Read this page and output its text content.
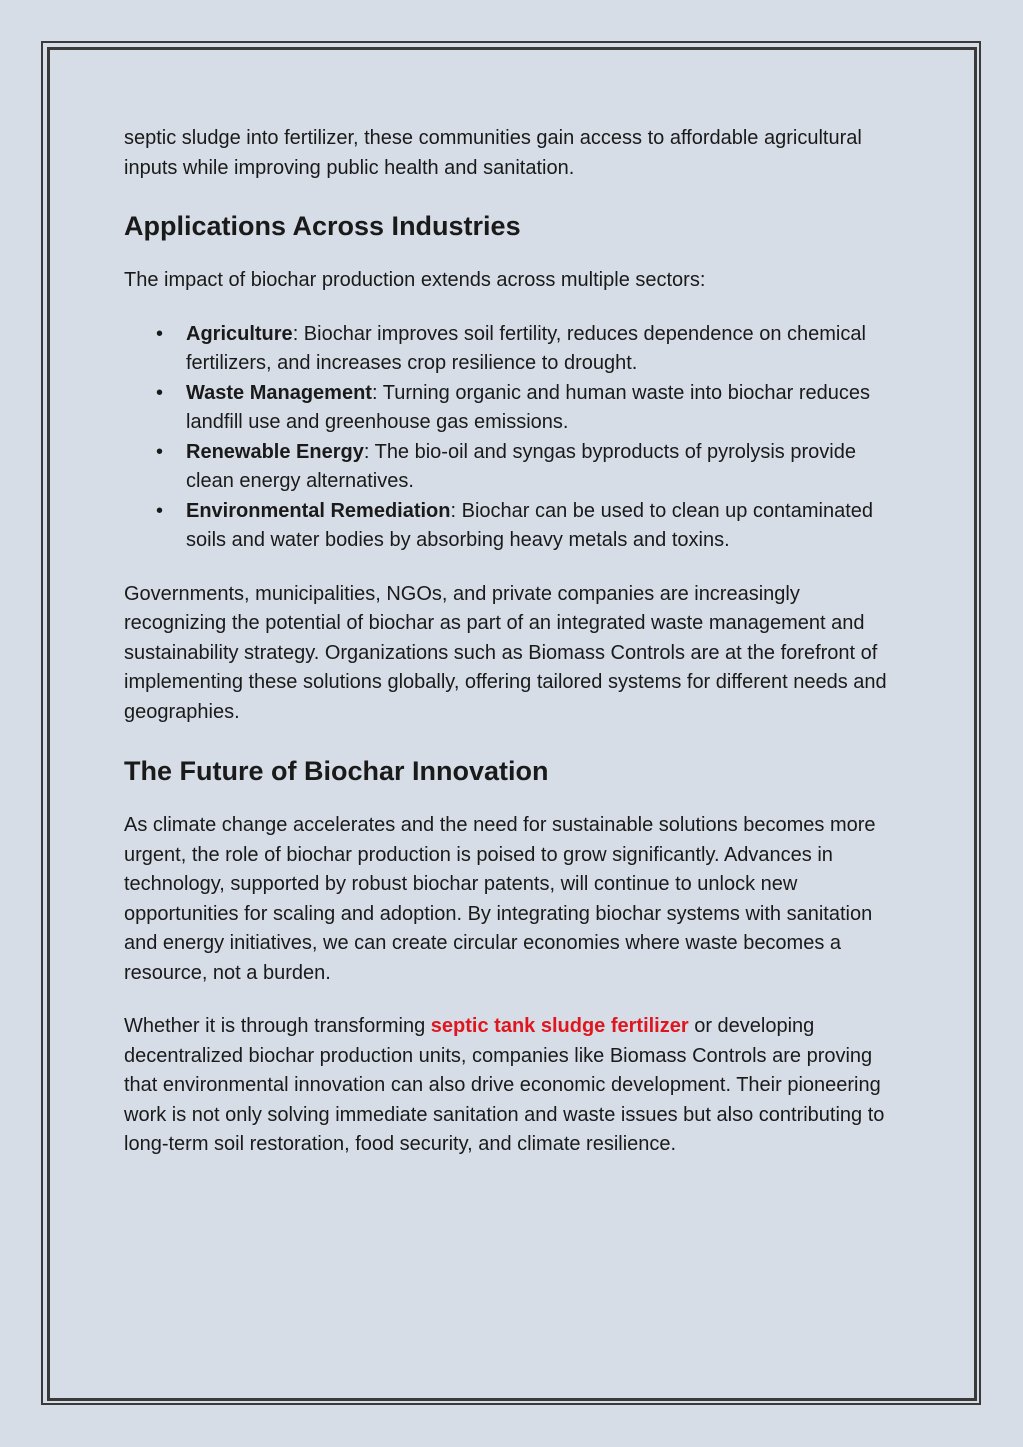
septic sludge into fertilizer, these communities gain access to affordable agricultural inputs while improving public health and sanitation.

Applications Across Industries

The impact of biochar production extends across multiple sectors:

• Agriculture: Biochar improves soil fertility, reduces dependence on chemical fertilizers, and increases crop resilience to drought.
• Waste Management: Turning organic and human waste into biochar reduces landfill use and greenhouse gas emissions.
• Renewable Energy: The bio-oil and syngas byproducts of pyrolysis provide clean energy alternatives.
• Environmental Remediation: Biochar can be used to clean up contaminated soils and water bodies by absorbing heavy metals and toxins.

Governments, municipalities, NGOs, and private companies are increasingly recognizing the potential of biochar as part of an integrated waste management and sustainability strategy. Organizations such as Biomass Controls are at the forefront of implementing these solutions globally, offering tailored systems for different needs and geographies.

The Future of Biochar Innovation

As climate change accelerates and the need for sustainable solutions becomes more urgent, the role of biochar production is poised to grow significantly. Advances in technology, supported by robust biochar patents, will continue to unlock new opportunities for scaling and adoption. By integrating biochar systems with sanitation and energy initiatives, we can create circular economies where waste becomes a resource, not a burden.

Whether it is through transforming septic tank sludge fertilizer or developing decentralized biochar production units, companies like Biomass Controls are proving that environmental innovation can also drive economic development. Their pioneering work is not only solving immediate sanitation and waste issues but also contributing to long-term soil restoration, food security, and climate resilience.
